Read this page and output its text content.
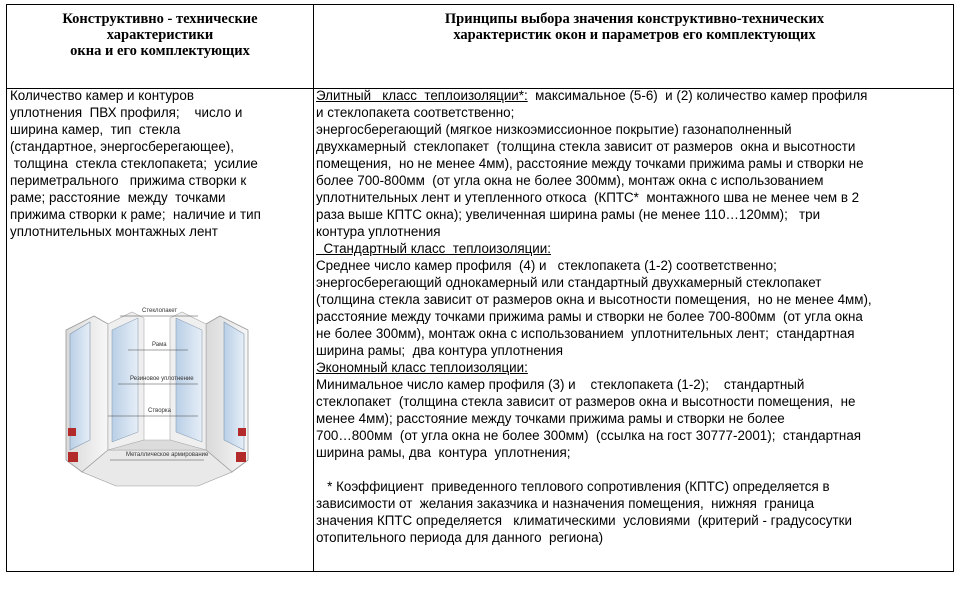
Конструктивно - технические
характеристики
окна и его комплектующих
Принципы выбора значения конструктивно-технических
характеристик окон и параметров его комплектующих
Количество камер и контуров
уплотнения  ПВХ профиля;    число и
ширина камер,  тип  стекла
(стандартное, энергосберегающее),
толщина  стекла стеклопакета;  усилие
периметрального   прижима створки к
раме; расстояние  между  точками
прижима створки к раме;  наличие и тип
уплотнительных монтажных лент
Элитный   класс  теплоизоляции*:  максимальное (5-6)  и (2) количество камер профиля
и стеклопакета соответственно;
энергосберегающий (мягкое низкоэмиссионное покрытие) газонаполненный
двухкамерный  стеклопакет  (толщина стекла зависит от размеров  окна и высотности
помещения,  но не менее 4мм), расстояние между точками прижима рамы и створки не
более 700-800мм  (от угла окна не более 300мм), монтаж окна с использованием
уплотнительных лент и утепленного откоса  (КПТС*  монтажного шва не менее чем в 2
раза выше КПТС окна); увеличенная ширина рамы (не менее 110…120мм);   три
контура уплотнения
Стандартный класс  теплоизоляции:
Среднее число камер профиля  (4) и   стеклопакета (1-2) соответственно;
энергосберегающий однокамерный или стандартный двухкамерный стеклопакет
(толщина стекла зависит от размеров окна и высотности помещения,  но не менее 4мм),
расстояние между точками прижима рамы и створки не более 700-800мм  (от угла окна
не более 300мм), монтаж окна с использованием  уплотнительных лент;  стандартная
ширина рамы;  два контура уплотнения
Экономный класс теплоизоляции:
Минимальное число камер профиля (3) и    стеклопакета (1-2);    стандартный
стеклопакет  (толщина стекла зависит от размеров окна и высотности помещения,  не
менее 4мм); расстояние между точками прижима рамы и створки не более
700…800мм  (от угла окна не более 300мм)  (ссылка на гост 30777-2001);  стандартная
ширина рамы, два  контура  уплотнения;

* Коэффициент  приведенного теплового сопротивления (КПТС) определяется в
зависимости от  желания заказчика и назначения помещения,  нижняя  граница
значения КПТС определяется   климатическими  условиями  (критерий - градусосутки
отопительного периода для данного  региона)
Стеклопакет
Рама
Резиновое уплотнение
Створка
Металлическое армирование
